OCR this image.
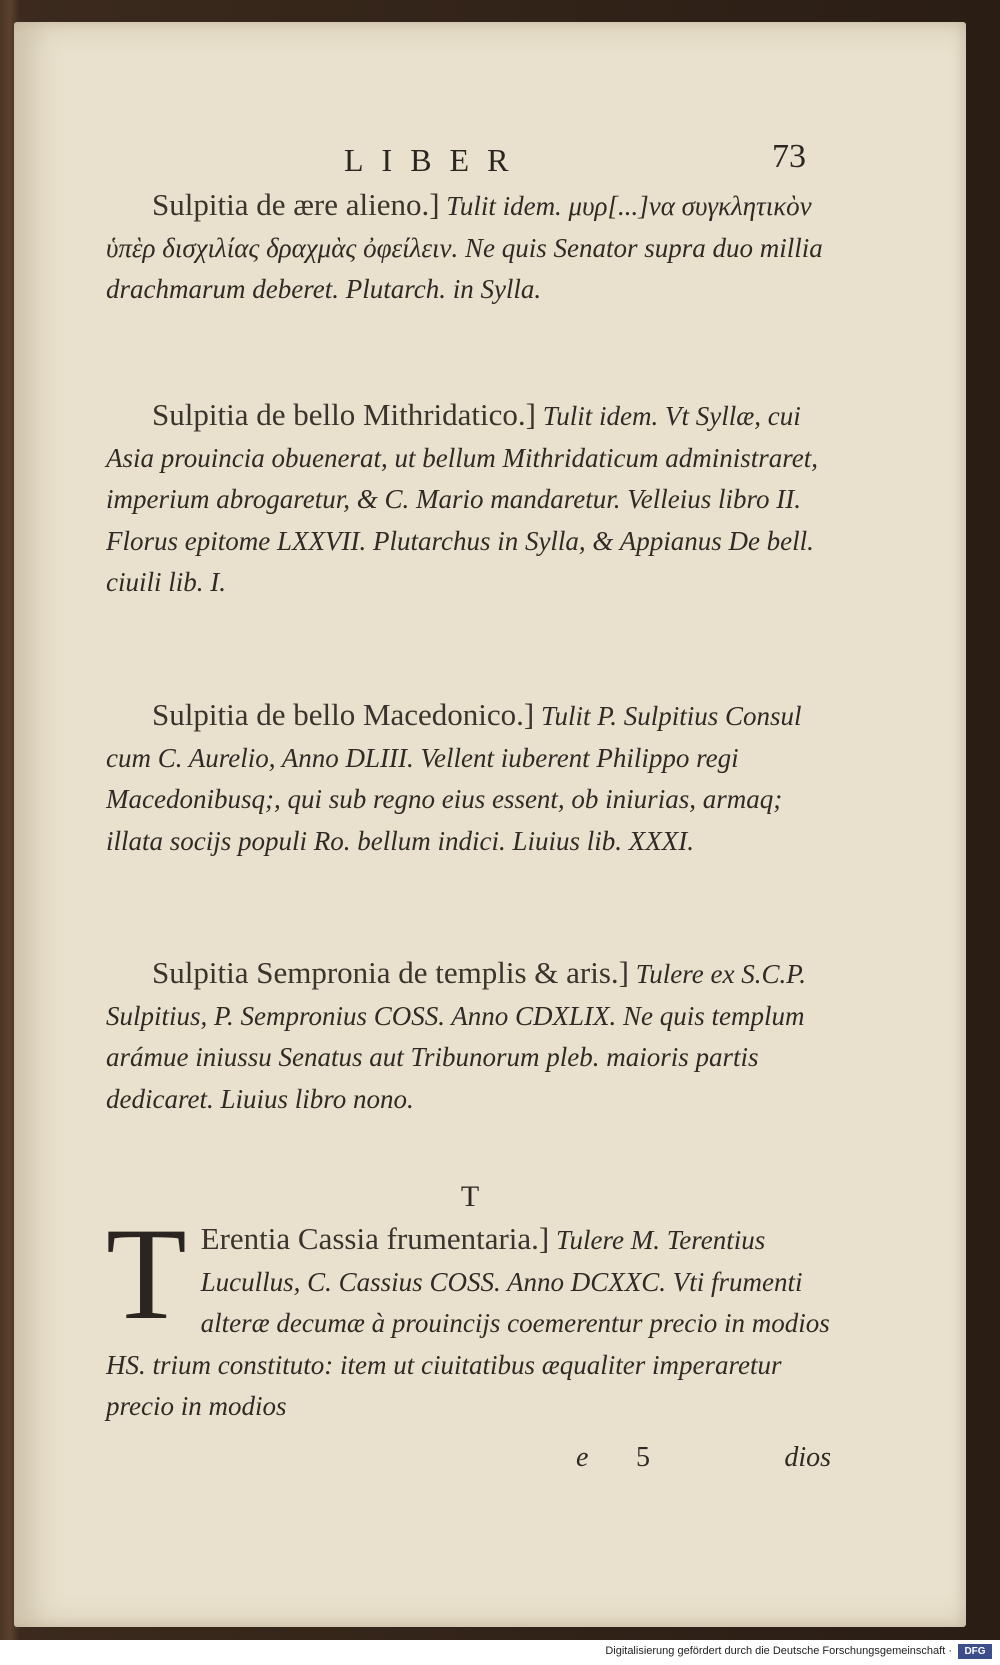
LIBER	73
Sulpitia de ære alieno.] Tulit idem. μυρ[...]να συγκλητικὸν ὑπὲρ δισχιλίας δραχμὰς ὀφείλειν. Ne quis Senator supra duo millia drachmarum deberet. Plutarch. in Sylla.
Sulpitia de bello Mithridatico.] Tulit idem. Vt Syllæ, cui Asia prouincia obuenerat, ut bellum Mithridaticum administraret, imperium abrogaretur, & C. Mario mandaretur. Velleius libro II. Florus epitome LXXVII. Plutarchus in Sylla, & Appianus De bell. ciuili lib. I.
Sulpitia de bello Macedonico.] Tulit P. Sulpitius Consul cum C. Aurelio, Anno DLIII. Vellent iuberent Philippo regi Macedonibusq;, qui sub regno eius essent, ob iniurias, armaq; illata socijs populi Ro. bellum indici. Liuius lib. XXXI.
Sulpitia Sempronia de templis & aris.] Tulere ex S.C.P. Sulpitius, P. Sempronius COSS. Anno CDXLIX. Ne quis templum arámue iniussu Senatus aut Tribunorum pleb. maioris partis dedicaret. Liuius libro nono.
T
T Erentia Cassia frumentaria.] Tulere M. Terentius Lucullus, C. Cassius COSS. Anno DCXXC. Vti frumenti alteræ decumæ à prouincijs coemerentur precio in modios HS. trium constituto: item ut ciuitatibus æqualiter imperaretur precio in modios
e 5	dios
Digitalisierung gefördert durch die Deutsche Forschungsgemeinschaft ·	DFG
